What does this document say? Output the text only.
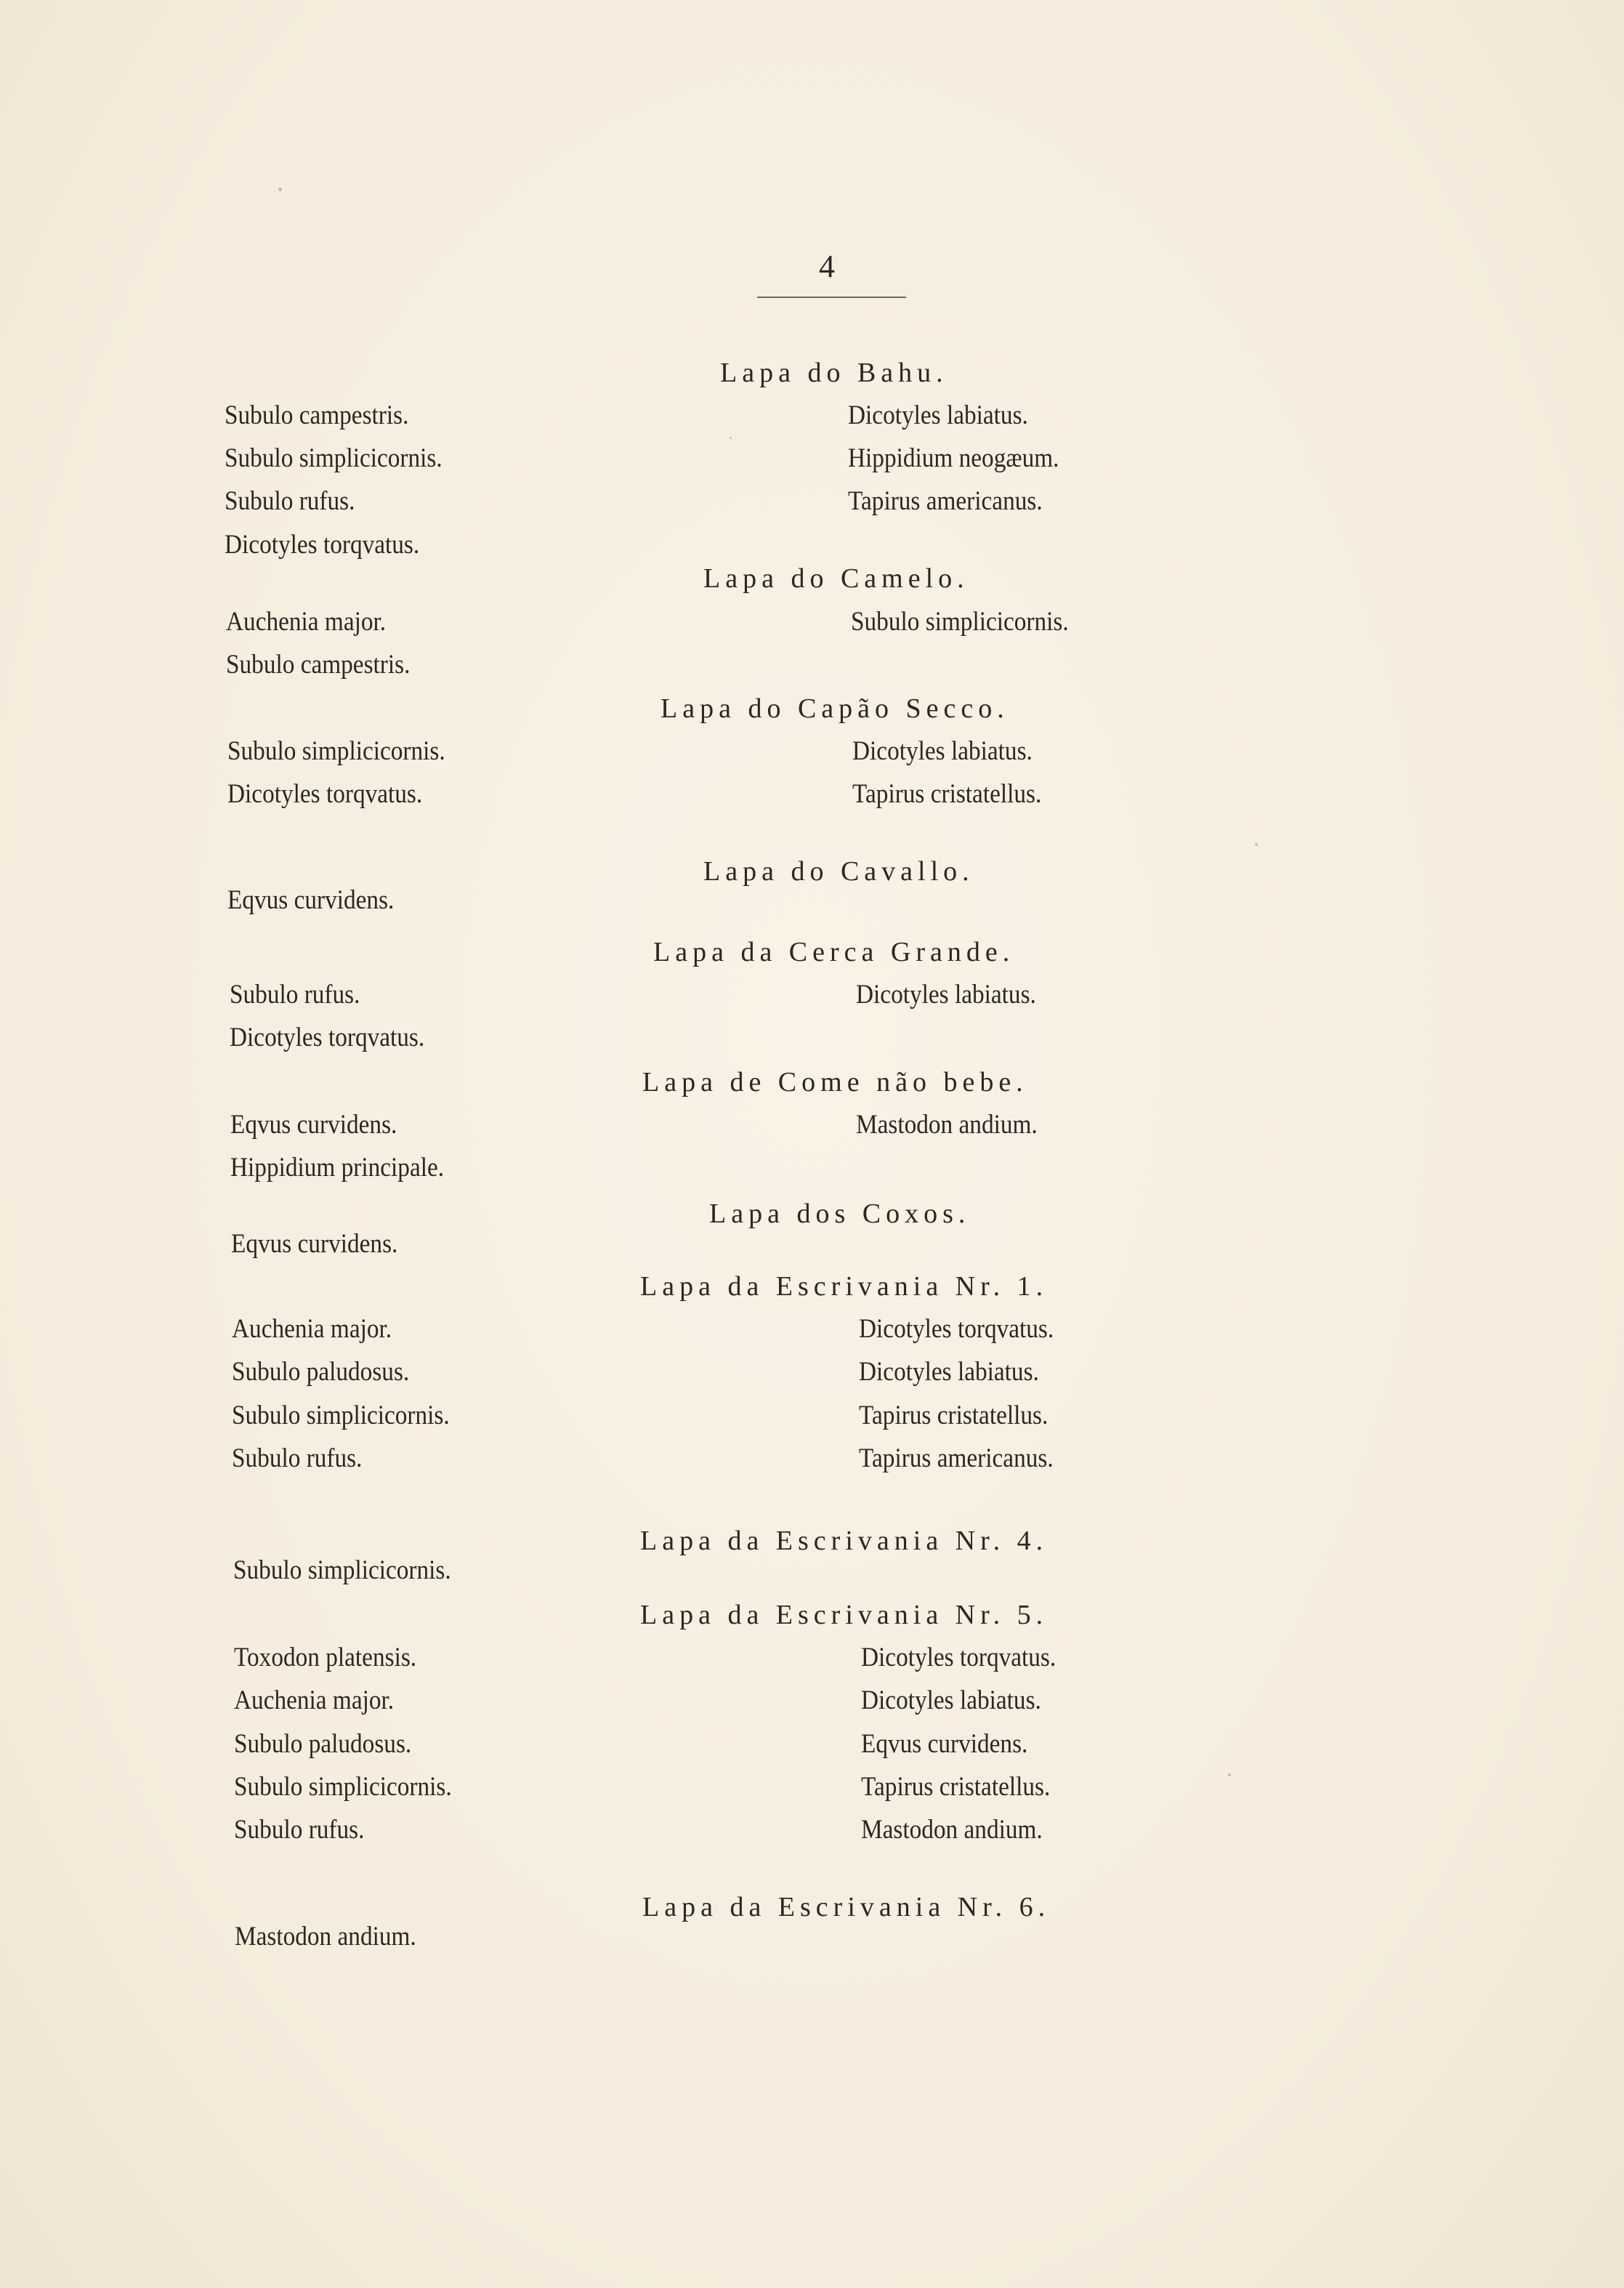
4
Subulo campestris.
Subulo simplicicornis.
Subulo rufus.
Dicotyles torqvatus.
Auchenia major.
Subulo campestris.
Subulo simplicicornis.
Dicotyles torqvatus.
Eqvus curvidens.
Subulo rufus.
Dicotyles torqvatus.
Eqvus curvidens.
Hippidium principale.
Eqvus curvidens.
Auchenia major.
Subulo paludosus.
Subulo simplicicornis.
Subulo rufus.
Subulo simplicicornis.
Toxodon platensis.
Auchenia major.
Subulo paludosus.
Subulo simplicicornis.
Subulo rufus.
Mastodon andium.
Lapa do Bahu.
Dicotyles labiatus.
Hippidium neogæum.
Tapirus americanus.
Lapa do Camelo.
Subulo simplicicornis.
Lapa do Capão Secco.
Dicotyles labiatus.
Tapirus cristatellus.
Lapa do Cavallo.
Lapa da Cerca Grande.
Dicotyles labiatus.
Lapa de Come não bebe.
Mastodon andium.
Lapa dos Coxos.
Lapa da Escrivania Nr. 1.
Dicotyles torqvatus.
Dicotyles labiatus.
Tapirus cristatellus.
Tapirus americanus.
Lapa da Escrivania Nr. 4.
Lapa da Escrivania Nr. 5.
Dicotyles torqvatus.
Dicotyles labiatus.
Eqvus curvidens.
Tapirus cristatellus.
Mastodon andium.
Lapa da Escrivania Nr. 6.
